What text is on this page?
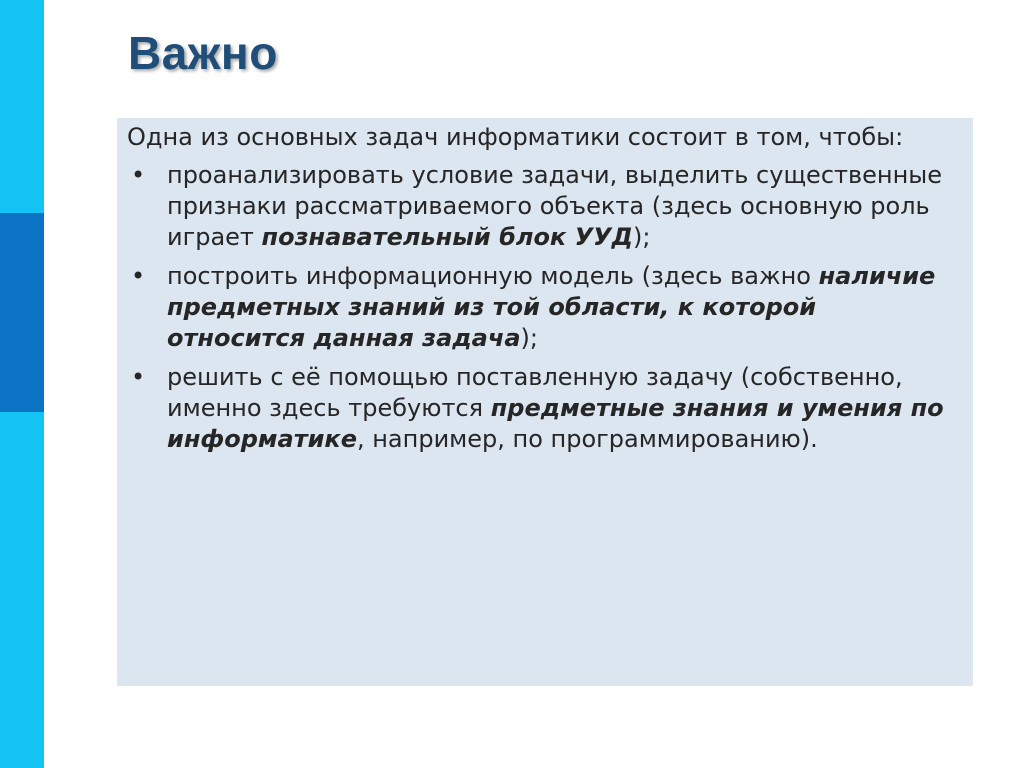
Важно

Одна из основных задач информатики состоит в том, чтобы:

• проанализировать условие задачи, выделить существенные признаки рассматриваемого объекта (здесь основную роль играет познавательный блок УУД);
• построить информационную модель (здесь важно наличие предметных знаний из той области, к которой относится данная задача);
• решить с её помощью поставленную задачу (собственно, именно здесь требуются предметные знания и умения по информатике, например, по программированию).
